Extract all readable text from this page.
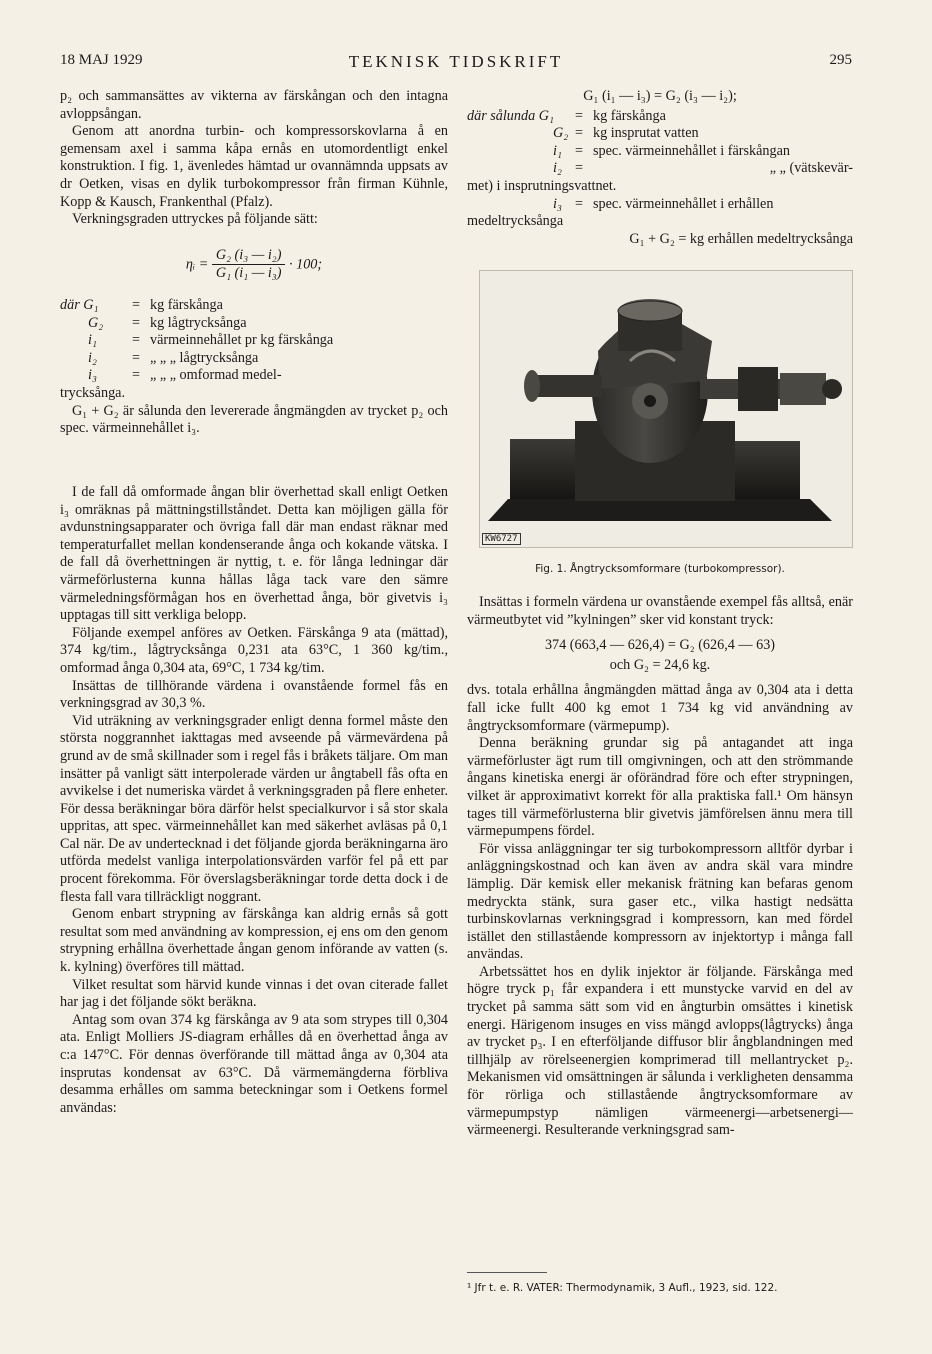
18 MAJ 1929	TEKNISK TIDSKRIFT	295

p₂ och sammansättes av vikterna av färskångan och den intagna avloppsångan.

Genom att anordna turbin- och kompressorskovlarna å en gemensam axel i samma kåpa ernås en utomordentligt enkel konstruktion. I fig. 1, ävenledes hämtad ur ovannämnda uppsats av dr Oetken, visas en dylik turbokompressor från firman Kühnle, Kopp & Kausch, Frankenthal (Pfalz).

Verkningsgraden uttryckes på följande sätt:

ηᵢ = $\frac{\text{G₂ (i₃ — i₂)}}{\text{G₁ (i₁ — i₃)}} \cdot 100$;
där G₁	= kg färskånga
G₂	= kg lågtrycksånga
i₁	= värmeinnehållet pr kg färskånga
i₂	= „ „ „ lågtrycksånga
i₃	= „ „ „ omformad medel-

trycksånga.

G₁ + G₂ är sålunda den levererade ångmängden av trycket p₂ och spec. värmeinnehållet i₃.

I de fall då omformade ångan blir överhettad skall enligt Oetken i₃ omräknas på mättningstillståndet. Detta kan möjligen gälla för avdunstningsapparater och övriga fall där man endast räknar med temperaturfallet mellan kondenserande ånga och kokande vätska. I de fall då överhettningen är nyttig, t. e. för långa ledningar där värmeförlusterna kunna hållas låga tack vare den sämre värmeledningsförmågan hos en överhettad ånga, bör givetvis i₃ upptagas till sitt verkliga belopp.

Följande exempel anföres av Oetken. Färskånga 9 ata (mättad), 374 kg/tim., lågtrycksånga 0,231 ata 63°C, 1 360 kg/tim., omformad ånga 0,304 ata, 69°C, 1 734 kg/tim.

Insättas de tillhörande värdena i ovanstående formel fås en verkningsgrad av 30,3 %.

Vid uträkning av verkningsgrader enligt denna formel måste den största noggrannhet iakttagas med avseende på värmevärdena på grund av de små skillnader som i regel fås i bråkets täljare. Om man insätter på vanligt sätt interpolerade värden ur ångtabell fås ofta en avvikelse i det numeriska värdet å verkningsgraden på flere enheter. För dessa beräkningar böra därför helst specialkurvor i så stor skala uppritas, att spec. värmeinnehållet kan med säkerhet avläsas på 0,1 Cal när. De av undertecknad i det följande gjorda beräkningarna äro utförda medelst vanliga interpolationsvärden varför fel på ett par procent förekomma. För överslagsberäkningar torde detta dock i de flesta fall vara tillräckligt noggrant.

Genom enbart strypning av färskånga kan aldrig ernås så gott resultat som med användning av kompression, ej ens om den genom strypning erhållna överhettade ångan genom införande av vatten (s. k. kylning) överföres till mättad.

Vilket resultat som härvid kunde vinnas i det ovan citerade fallet har jag i det följande sökt beräkna.

Antag som ovan 374 kg färskånga av 9 ata som strypes till 0,304 ata. Enligt Molliers JS-diagram erhålles då en överhettad ånga av c:a 147°C. För dennas överförande till mättad ånga av 0,304 ata insprutas kondensat av 63°C. Då värmemängderna förbliva desamma erhålles om samma beteckningar som i Oetkens formel användas:

G₁ (i₁ — i₃) = G₂ (i₃ — i₂);
där sålunda G₁	= kg färskånga
G₂ = kg insprutat vatten
i₁ = spec. värmeinnehållet i färskångan
i₂ =	„ „ (vätskevär-

met) i insprutningsvattnet.

i₃ = spec. värmeinnehållet i erhållen

medeltrycksånga

G₁ + G₂ = kg erhållen medeltrycksånga
KW6727
Fig. 1. Ångtrycksomformare (turbokompressor).

Insättas i formeln värdena ur ovanstående exempel fås alltså, enär värmeutbytet vid ”kylningen” sker vid konstant tryck:

374 (663,4 — 626,4) = G₂ (626,4 — 63)
och G₂ = 24,6 kg.

dvs. totala erhållna ångmängden mättad ånga av 0,304 ata i detta fall icke fullt 400 kg emot 1 734 kg vid användning av ångtrycksomformare (värmepump).

Denna beräkning grundar sig på antagandet att inga värmeförluster ägt rum till omgivningen, och att den strömmande ångans kinetiska energi är oförändrad före och efter strypningen, vilket är approximativt korrekt för alla praktiska fall.¹ Om hänsyn tages till värmeförlusterna blir givetvis jämförelsen ännu mera till värmepumpens fördel.

För vissa anläggningar ter sig turbokompressorn alltför dyrbar i anläggningskostnad och kan även av andra skäl vara mindre lämplig. Där kemisk eller mekanisk frätning kan befaras genom medryckta stänk, sura gaser etc., vilka hastigt nedsätta turbinskovlarnas verkningsgrad i kompressorn, kan med fördel istället den stillastående kompressorn av injektortyp i många fall användas.

Arbetssättet hos en dylik injektor är följande. Färskånga med högre tryck p₁ får expandera i ett munstycke varvid en del av trycket på samma sätt som vid en ångturbin omsättes i kinetisk energi. Härigenom insuges en viss mängd avlopps(lågtrycks) ånga av trycket p₃. I en efterföljande diffusor blir ångblandningen med tillhjälp av rörelseenergien komprimerad till mellantrycket p₂. Mekanismen vid omsättningen är sålunda i verkligheten densamma för rörliga och stillastående ångtrycksomformare av värmepumpstyp nämligen värmeenergi—arbetsenergi—värmeenergi. Resulterande verkningsgrad sam-

¹ Jfr t. e. R. VATER: Thermodynamik, 3 Aufl., 1923, sid. 122.
